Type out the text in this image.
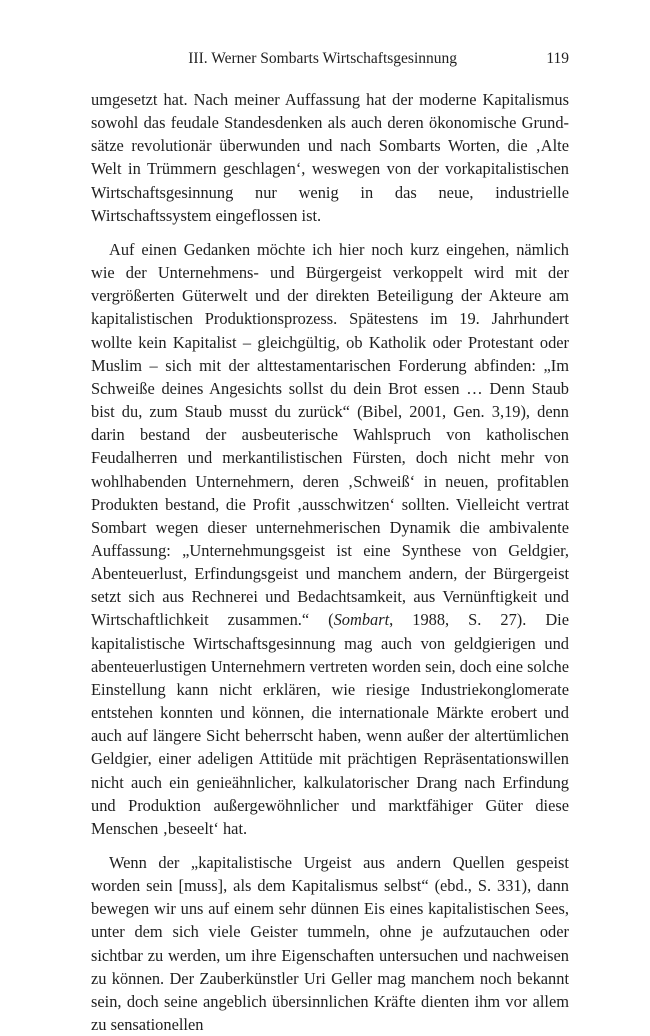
III. Werner Sombarts Wirtschaftsgesinnung	119

umgesetzt hat. Nach meiner Auffassung hat der moderne Kapitalismus sowohl das feudale Standesdenken als auch deren ökonomische Grundsätze revolutionär überwunden und nach Sombarts Worten, die ‚Alte Welt in Trümmern geschlagen‘, weswegen von der vorkapitalistischen Wirtschaftsgesinnung nur wenig in das neue, industrielle Wirtschaftssystem eingeflossen ist.

Auf einen Gedanken möchte ich hier noch kurz eingehen, nämlich wie der Unternehmens- und Bürgergeist verkoppelt wird mit der vergrößerten Güterwelt und der direkten Beteiligung der Akteure am kapitalistischen Produktionsprozess. Spätestens im 19. Jahrhundert wollte kein Kapitalist – gleichgültig, ob Katholik oder Protestant oder Muslim – sich mit der alttestamentarischen Forderung abfinden: „Im Schweiße deines Angesichts sollst du dein Brot essen … Denn Staub bist du, zum Staub musst du zurück“ (Bibel, 2001, Gen. 3,19), denn darin bestand der ausbeuterische Wahlspruch von katholischen Feudalherren und merkantilistischen Fürsten, doch nicht mehr von wohlhabenden Unternehmern, deren ‚Schweiß‘ in neuen, profitablen Produkten bestand, die Profit ‚ausschwitzen‘ sollten. Vielleicht vertrat Sombart wegen dieser unternehmerischen Dynamik die ambivalente Auffassung: „Unternehmungsgeist ist eine Synthese von Geldgier, Abenteuerlust, Erfindungsgeist und manchem andern, der Bürgergeist setzt sich aus Rechnerei und Bedachtsamkeit, aus Vernünftigkeit und Wirtschaftlichkeit zusammen.“ (Sombart, 1988, S. 27). Die kapitalistische Wirtschaftsgesinnung mag auch von geldgierigen und abenteuerlustigen Unternehmern vertreten worden sein, doch eine solche Einstellung kann nicht erklären, wie riesige Industriekonglomerate entstehen konnten und können, die internationale Märkte erobert und auch auf längere Sicht beherrscht haben, wenn außer der altertümlichen Geldgier, einer adeligen Attitüde mit prächtigen Repräsentationswillen nicht auch ein genieähnlicher, kalkulatorischer Drang nach Erfindung und Produktion außergewöhnlicher und marktfähiger Güter diese Menschen ‚beseelt‘ hat.

Wenn der „kapitalistische Urgeist aus andern Quellen gespeist worden sein [muss], als dem Kapitalismus selbst“ (ebd., S. 331), dann bewegen wir uns auf einem sehr dünnen Eis eines kapitalistischen Sees, unter dem sich viele Geister tummeln, ohne je aufzutauchen oder sichtbar zu werden, um ihre Eigenschaften untersuchen und nachweisen zu können. Der Zauberkünstler Uri Geller mag manchem noch bekannt sein, doch seine angeblich übersinnlichen Kräfte dienten ihm vor allem zu sensationellen
